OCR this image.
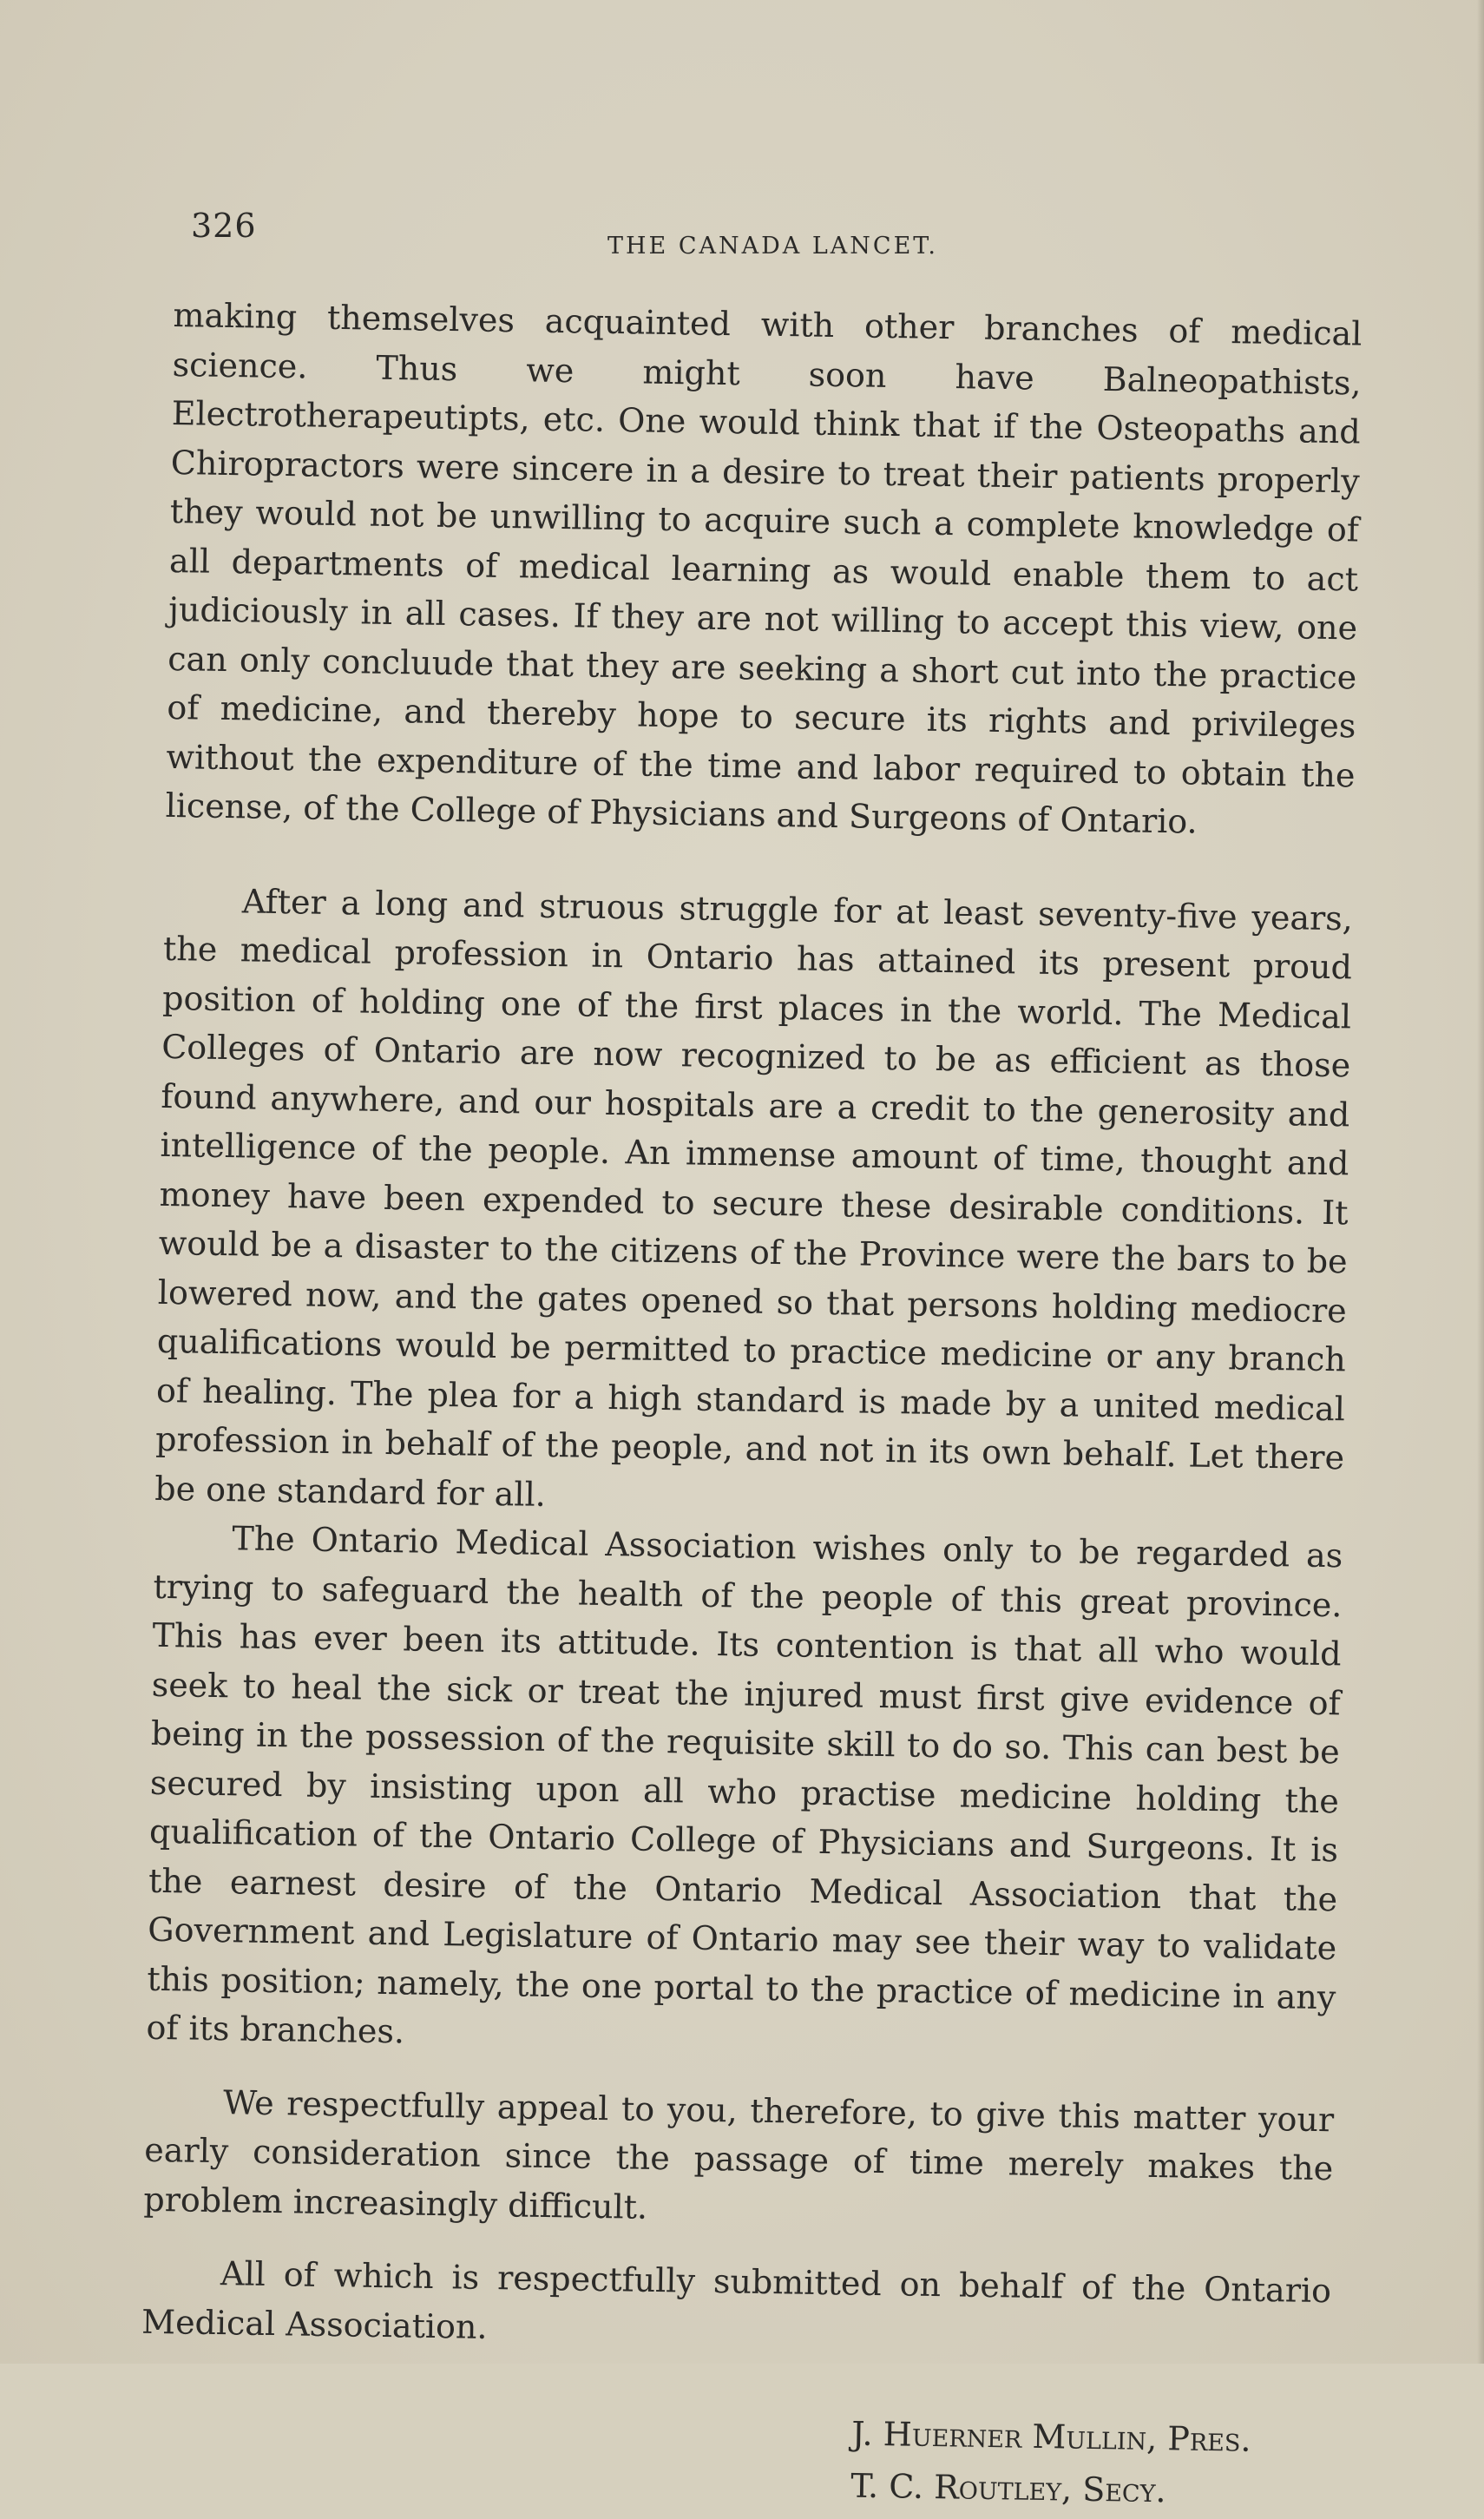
326
THE CANADA LANCET.

making themselves acquainted with other branches of medical science. Thus we might soon have Balneopathists, Electrotherapeutipts, etc. One would think that if the Osteopaths and Chiropractors were sincere in a desire to treat their patients properly they would not be unwilling to acquire such a complete knowledge of all departments of medical learning as would enable them to act judiciously in all cases. If they are not willing to accept this view, one can only concluude that they are seeking a short cut into the practice of medicine, and thereby hope to secure its rights and privileges without the expenditure of the time and labor required to obtain the license, of the College of Physicians and Surgeons of Ontario.

After a long and struous struggle for at least seventy-five years, the medical profession in Ontario has attained its present proud position of holding one of the first places in the world. The Medical Colleges of Ontario are now recognized to be as efficient as those found anywhere, and our hospitals are a credit to the generosity and intelligence of the people. An immense amount of time, thought and money have been expended to secure these desirable conditions. It would be a disaster to the citizens of the Province were the bars to be lowered now, and the gates opened so that persons holding mediocre qualifications would be permitted to practice medicine or any branch of healing. The plea for a high standard is made by a united medical profession in behalf of the people, and not in its own behalf. Let there be one standard for all.

The Ontario Medical Association wishes only to be regarded as trying to safeguard the health of the people of this great province. This has ever been its attitude. Its contention is that all who would seek to heal the sick or treat the injured must first give evidence of being in the possession of the requisite skill to do so. This can best be secured by insisting upon all who practise medicine holding the qualification of the Ontario College of Physicians and Surgeons. It is the earnest desire of the Ontario Medical Association that the Government and Legislature of Ontario may see their way to validate this position; namely, the one portal to the practice of medicine in any of its branches.

We respectfully appeal to you, therefore, to give this matter your early consideration since the passage of time merely makes the problem increasingly difficult.

All of which is respectfully submitted on behalf of the Ontario Medical Association.

J. Huerner Mullin, Pres.
T. C. Routley, Secy.
